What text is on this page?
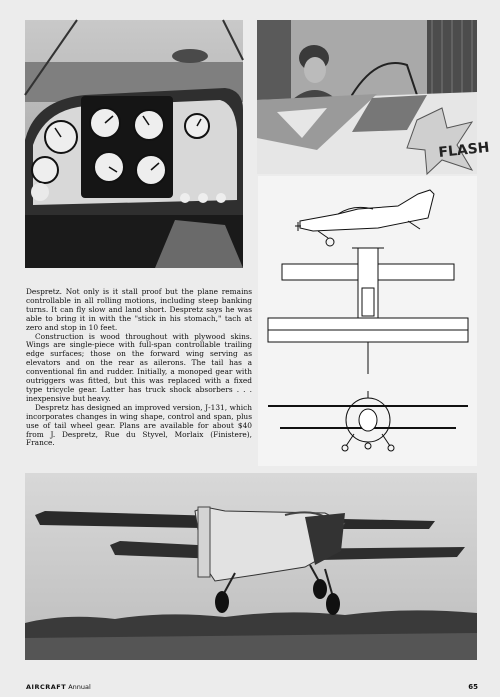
FLASH

Despretz. Not only is it stall proof but the plane remains controllable in all rolling motions, including steep banking turns. It can fly slow and land short. Despretz says he was able to bring it in with the "stick in his stomach," tach at zero and stop in 10 feet.

Construction is wood throughout with plywood skins. Wings are single-piece with full-span controllable trailing edge surfaces; those on the forward wing serving as elevators and on the rear as ailerons. The tail has a conventional fin and rudder. Initially, a monoped gear with outriggers was fitted, but this was replaced with a fixed type tricycle gear. Latter has truck shock absorbers . . . inexpensive but heavy.

Despretz has designed an improved version, J-131, which incorporates changes in wing shape, control and span, plus use of tail wheel gear. Plans are available for about $40 from J. Despretz, Rue du Styvel, Morlaix (Finistere), France.

AIRCRAFT Annual	65
